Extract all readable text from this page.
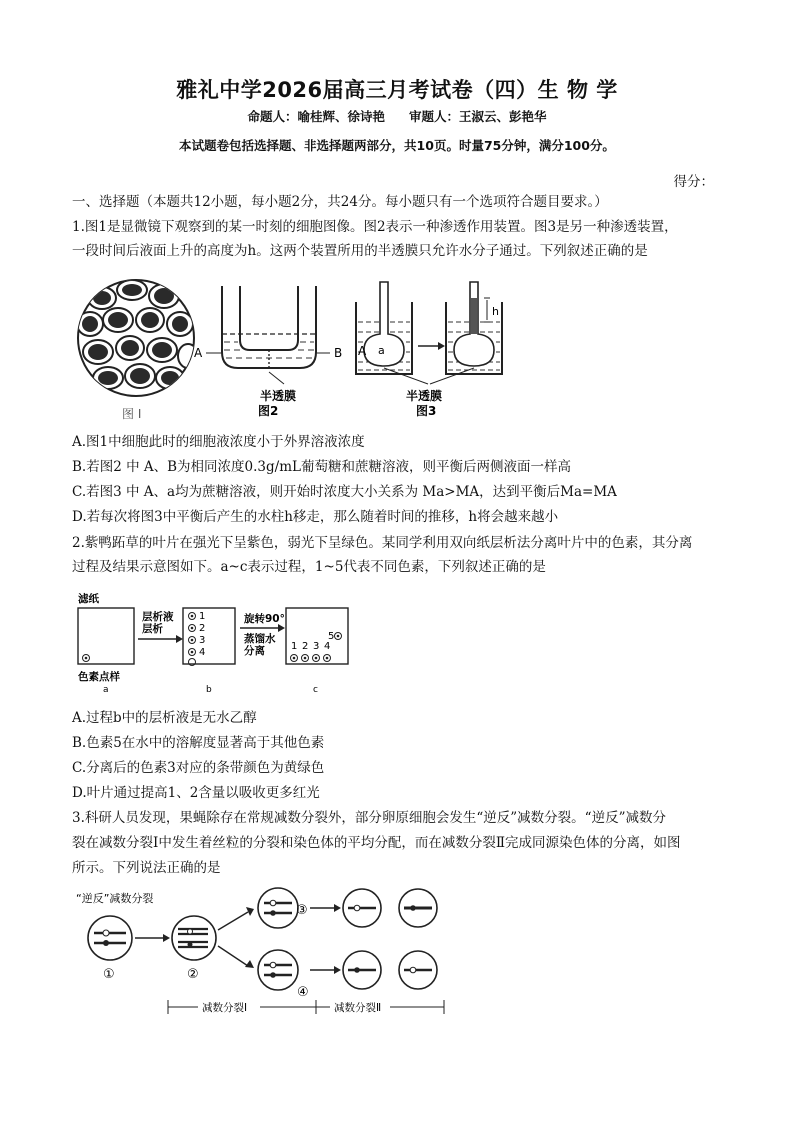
雅礼中学2026届高三月考试卷（四）生 物 学
命题人：喻桂辉、徐诗艳 审题人：王淑云、彭艳华
本试题卷包括选择题、非选择题两部分，共10页。时量75分钟，满分100分。
得分：
一、选择题（本题共12小题，每小题2分，共24分。每小题只有一个选项符合题目要求。）
1.图1是显微镜下观察到的某一时刻的细胞图像。图2表示一种渗透作用装置。图3是另一种渗透装置，
一段时间后液面上升的高度为h。这两个装置所用的半透膜只允许水分子通过。下列叙述正确的是
图 I
A	B
半透膜
图2
h
A a
半透膜
图3
A.图1中细胞此时的细胞液浓度小于外界溶液浓度
B.若图2 中 A、B为相同浓度0.3g/mL葡萄糖和蔗糖溶液，则平衡后两侧液面一样高
C.若图3 中 A、a均为蔗糖溶液，则开始时浓度大小关系为 Ma>MA，达到平衡后Ma=MA
D.若每次将图3中平衡后产生的水柱h移走，那么随着时间的推移，h将会越来越小
2.紫鸭跖草的叶片在强光下呈紫色，弱光下呈绿色。某同学利用双向纸层析法分离叶片中的色素，其分离
过程及结果示意图如下。a~c表示过程，1~5代表不同色素，下列叙述正确的是
滤纸
色素点样
a
层析液
层析
1
2
3
4
b
旋转90°
蒸馏水
分离	1 2 3 4
5
c
A.过程b中的层析液是无水乙醇
B.色素5在水中的溶解度显著高于其他色素
C.分离后的色素3对应的条带颜色为黄绿色
D.叶片通过提高1、2含量以吸收更多红光
3.科研人员发现，果蝇除存在常规减数分裂外，部分卵原细胞会发生“逆反”减数分裂。“逆反”减数分
裂在减数分裂Ⅰ中发生着丝粒的分裂和染色体的平均分配，而在减数分裂Ⅱ完成同源染色体的分离，如图
所示。下列说法正确的是
“逆反”减数分裂
①	②
③
④
减数分裂Ⅰ	减数分裂Ⅱ
